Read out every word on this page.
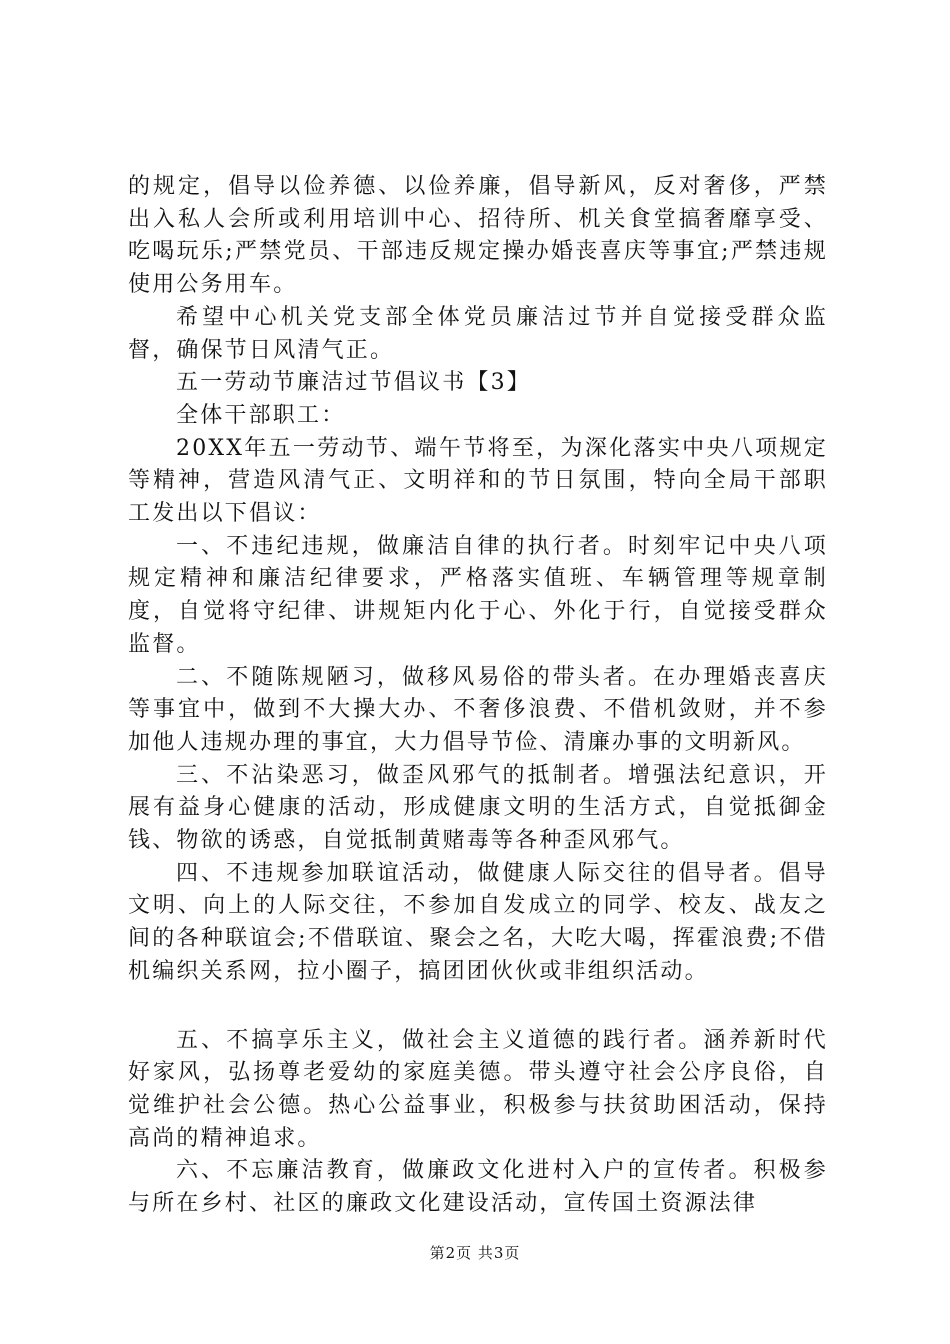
的规定，倡导以俭养德、以俭养廉，倡导新风，反对奢侈，严禁出入私人会所或利用培训中心、招待所、机关食堂搞奢靡享受、吃喝玩乐;严禁党员、干部违反规定操办婚丧喜庆等事宜;严禁违规使用公务用车。

希望中心机关党支部全体党员廉洁过节并自觉接受群众监督，确保节日风清气正。

五一劳动节廉洁过节倡议书【3】

全体干部职工：

20XX年五一劳动节、端午节将至，为深化落实中央八项规定等精神，营造风清气正、文明祥和的节日氛围，特向全局干部职工发出以下倡议：

一、不违纪违规，做廉洁自律的执行者。时刻牢记中央八项规定精神和廉洁纪律要求，严格落实值班、车辆管理等规章制度，自觉将守纪律、讲规矩内化于心、外化于行，自觉接受群众监督。

二、不随陈规陋习，做移风易俗的带头者。在办理婚丧喜庆等事宜中，做到不大操大办、不奢侈浪费、不借机敛财，并不参加他人违规办理的事宜，大力倡导节俭、清廉办事的文明新风。

三、不沾染恶习，做歪风邪气的抵制者。增强法纪意识，开展有益身心健康的活动，形成健康文明的生活方式，自觉抵御金钱、物欲的诱惑，自觉抵制黄赌毒等各种歪风邪气。

四、不违规参加联谊活动，做健康人际交往的倡导者。倡导文明、向上的人际交往，不参加自发成立的同学、校友、战友之间的各种联谊会;不借联谊、聚会之名，大吃大喝，挥霍浪费;不借机编织关系网，拉小圈子，搞团团伙伙或非组织活动。

五、不搞享乐主义，做社会主义道德的践行者。涵养新时代好家风，弘扬尊老爱幼的家庭美德。带头遵守社会公序良俗，自觉维护社会公德。热心公益事业，积极参与扶贫助困活动，保持高尚的精神追求。

六、不忘廉洁教育，做廉政文化进村入户的宣传者。积极参与所在乡村、社区的廉政文化建设活动，宣传国土资源法律

第2页 共3页
